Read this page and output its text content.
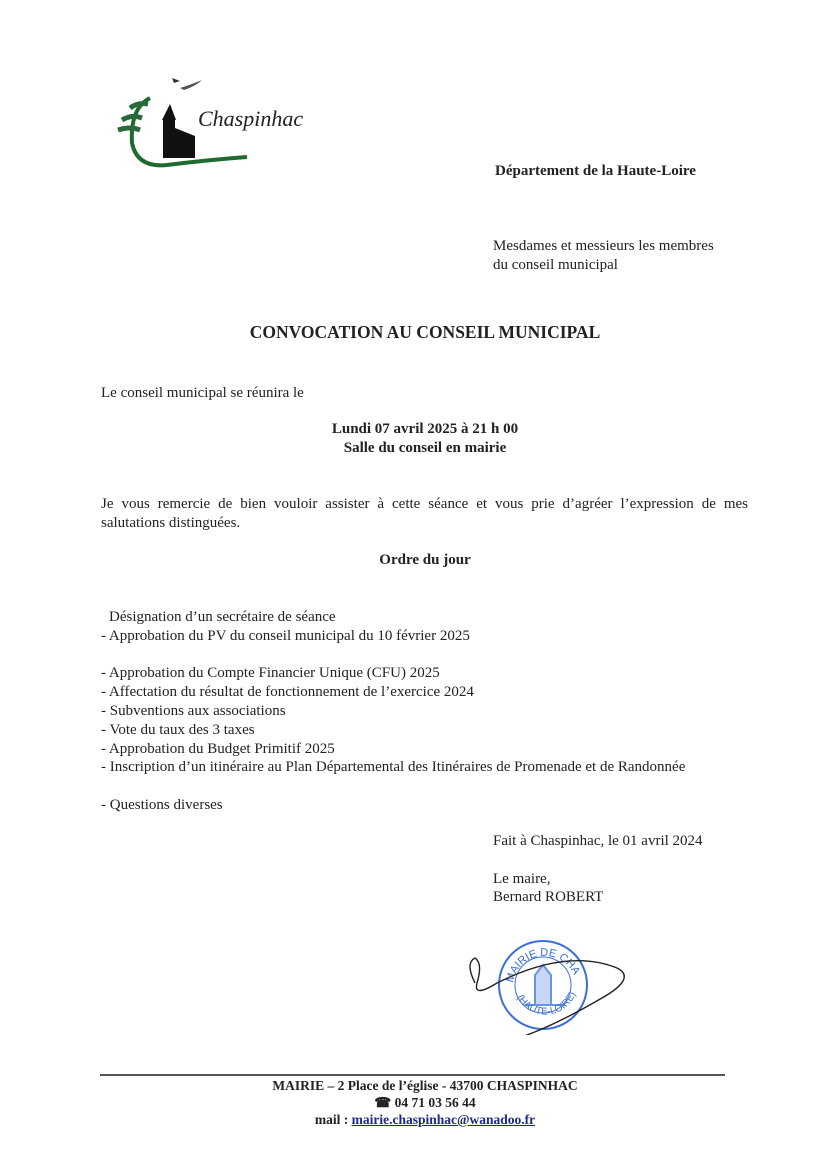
Chaspinhac
Département de la Haute-Loire
Mesdames et messieurs les membres
du conseil municipal
CONVOCATION AU CONSEIL MUNICIPAL
Le conseil municipal se réunira le
Lundi 07 avril 2025 à 21 h 00
Salle du conseil en mairie
Je vous remercie de bien vouloir assister à cette séance et vous prie d’agréer l’expression de mes salutations distinguées.
Ordre du jour
Désignation d’un secrétaire de séance
- Approbation du PV du conseil municipal du 10 février 2025
- Approbation du Compte Financier Unique (CFU) 2025
- Affectation du résultat de fonctionnement de l’exercice 2024
- Subventions aux associations
- Vote du taux des 3 taxes
- Approbation du Budget Primitif 2025
- Inscription d’un itinéraire au Plan Départemental des Itinéraires de Promenade et de Randonnée
- Questions diverses
Fait à Chaspinhac, le 01 avril 2024
Le maire,
Bernard ROBERT
MAIRIE DE CHA
(HAUTE-LOIRE)
MAIRIE – 2 Place de l’église - 43700 CHASPINHAC
☎ 04 71 03 56 44
mail : mairie.chaspinhac@wanadoo.fr
